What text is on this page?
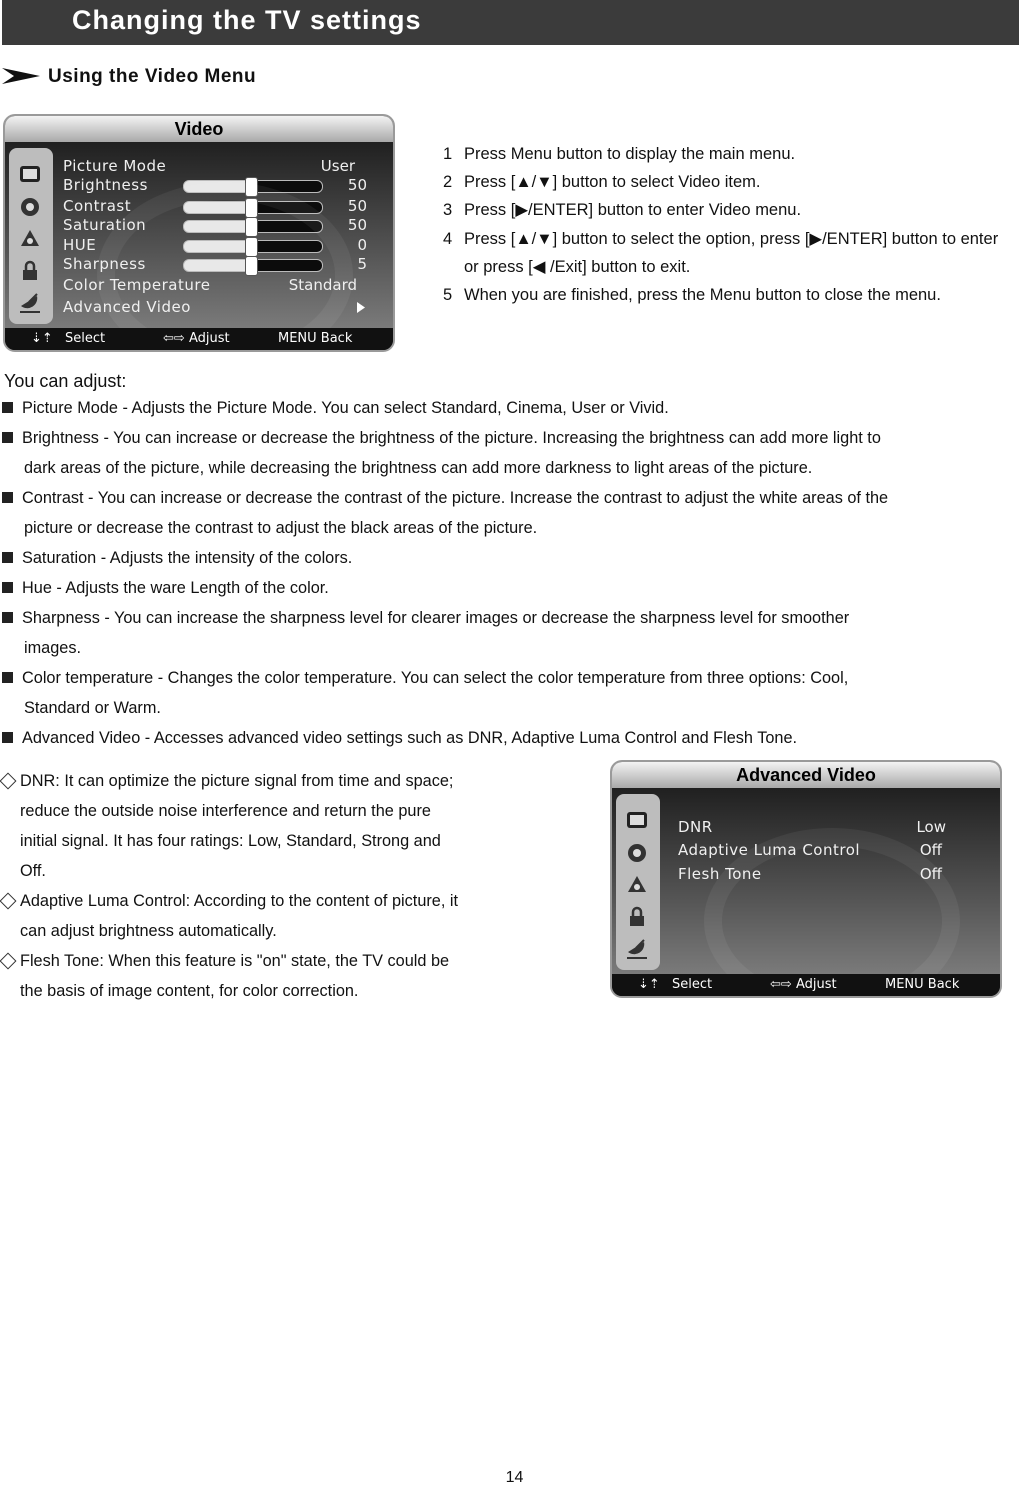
Changing the TV settings
Using the Video Menu
Video
Picture Mode	User
Brightness	50
Contrast	50
Saturation	50
HUE	0
Sharpness	5
Color Temperature	Standard
Advanced Video
⇣⇡ Select	⇦⇨ Adjust	MENU Back
1 Press Menu button to display the main menu.
2 Press [▲/▼] button to select Video item.
3 Press [▶/ENTER] button to enter Video menu.
4 Press [▲/▼] button to select the option, press [▶/ENTER] button to enter
or press [◀ /Exit] button to exit.
5 When you are finished, press the Menu button to close the menu.
You can adjust:
Picture Mode - Adjusts the Picture Mode. You can select Standard, Cinema, User or Vivid.
Brightness - You can increase or decrease the brightness of the picture. Increasing the brightness can add more light to
dark areas of the picture, while decreasing the brightness can add more darkness to light areas of the picture.
Contrast - You can increase or decrease the contrast of the picture. Increase the contrast to adjust the white areas of the
picture or decrease the contrast to adjust the black areas of the picture.
Saturation - Adjusts the intensity of the colors.
Hue - Adjusts the ware Length of the color.
Sharpness - You can increase the sharpness level for clearer images or decrease the sharpness level for smoother
images.
Color temperature - Changes the color temperature. You can select the color temperature from three options: Cool,
Standard or Warm.
Advanced Video - Accesses advanced video settings such as DNR, Adaptive Luma Control and Flesh Tone.
DNR: It can optimize the picture signal from time and space;
reduce the outside noise interference and return the pure
initial signal. It has four ratings: Low, Standard, Strong and
Off.
Adaptive Luma Control: According to the content of picture, it
can adjust brightness automatically.
Flesh Tone: When this feature is "on" state, the TV could be
the basis of image content, for color correction.
Advanced Video
DNR	Low
Adaptive Luma Control	Off
Flesh Tone	Off
⇣⇡ Select	⇦⇨ Adjust	MENU Back
14
